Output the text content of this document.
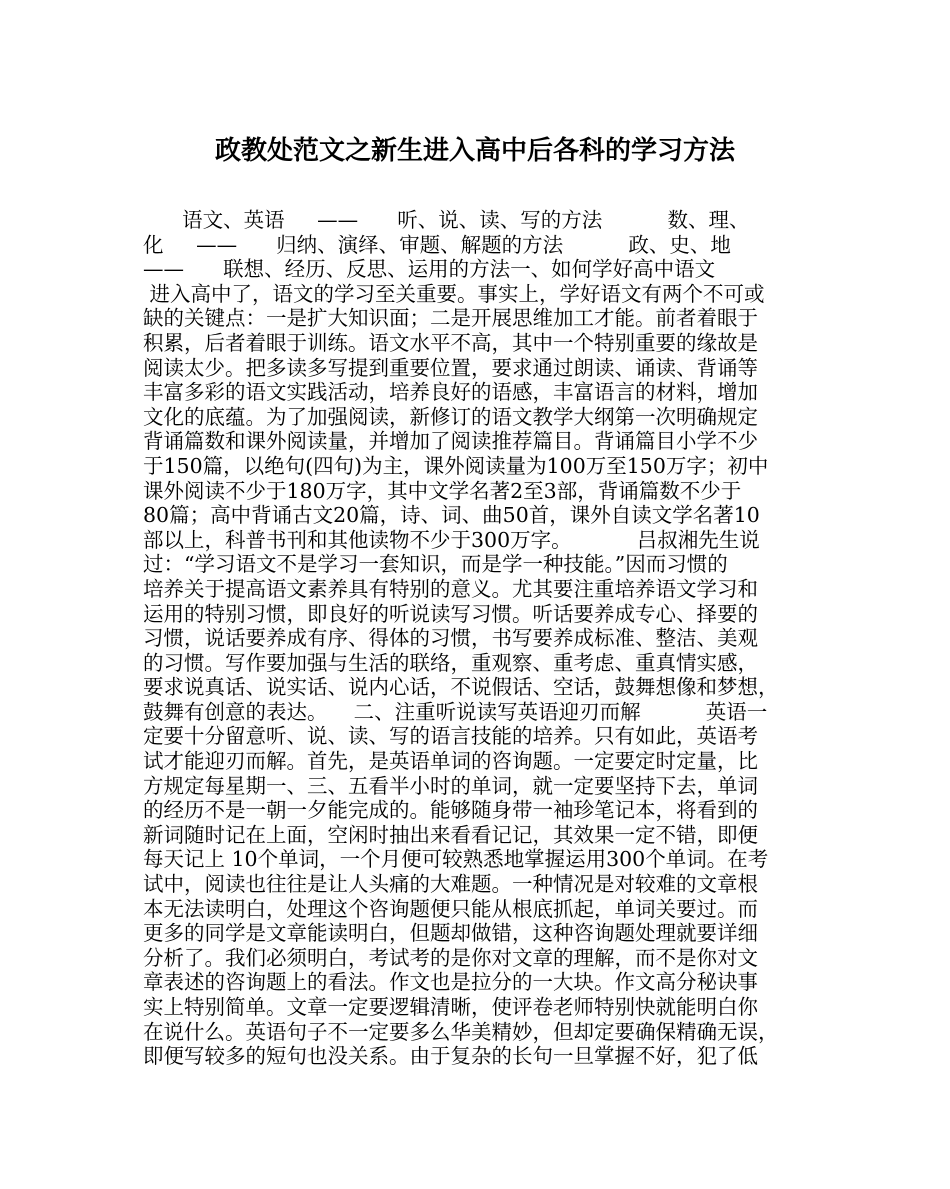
政教处范文之新生进入高中后各科的学习方法
语文、英语     ——      听、说、读、写的方法          数、理、
化     ——      归纳、演绎、审题、解题的方法          政、史、地
——      联想、经历、反思、运用的方法一、如何学好高中语文
进入高中了，语文的学习至关重要。事实上，学好语文有两个不可或
缺的关键点：一是扩大知识面；二是开展思维加工才能。前者着眼于
积累，后者着眼于训练。语文水平不高，其中一个特别重要的缘故是
阅读太少。把多读多写提到重要位置，要求通过朗读、诵读、背诵等
丰富多彩的语文实践活动，培养良好的语感，丰富语言的材料，增加
文化的底蕴。为了加强阅读，新修订的语文教学大纲第一次明确规定
背诵篇数和课外阅读量，并增加了阅读推荐篇目。背诵篇目小学不少
于150篇，以绝句(四句)为主，课外阅读量为100万至150万字；初中
课外阅读不少于180万字，其中文学名著2至3部，背诵篇数不少于
80篇；高中背诵古文20篇，诗、词、曲50首，课外自读文学名著10
部以上，科普书刊和其他读物不少于300万字。          吕叔湘先生说
过：“学习语文不是学习一套知识，而是学一种技能。”因而习惯的
培养关于提高语文素养具有特别的意义。尤其要注重培养语文学习和
运用的特别习惯，即良好的听说读写习惯。听话要养成专心、择要的
习惯，说话要养成有序、得体的习惯，书写要养成标准、整洁、美观
的习惯。写作要加强与生活的联络，重观察、重考虑、重真情实感，
要求说真话、说实话、说内心话，不说假话、空话，鼓舞想像和梦想，
鼓舞有创意的表达。    二、注重听说读写英语迎刃而解          英语一
定要十分留意听、说、读、写的语言技能的培养。只有如此，英语考
试才能迎刃而解。首先，是英语单词的咨询题。一定要定时定量，比
方规定每星期一、三、五看半小时的单词，就一定要坚持下去，单词
的经历不是一朝一夕能完成的。能够随身带一袖珍笔记本，将看到的
新词随时记在上面，空闲时抽出来看看记记，其效果一定不错，即便
每天记上 10个单词，一个月便可较熟悉地掌握运用300个单词。在考
试中，阅读也往往是让人头痛的大难题。一种情况是对较难的文章根
本无法读明白，处理这个咨询题便只能从根底抓起，单词关要过。而
更多的同学是文章能读明白，但题却做错，这种咨询题处理就要详细
分析了。我们必须明白，考试考的是你对文章的理解，而不是你对文
章表述的咨询题上的看法。作文也是拉分的一大块。作文高分秘诀事
实上特别简单。文章一定要逻辑清晰，使评卷老师特别快就能明白你
在说什么。英语句子不一定要多么华美精妙，但却定要确保精确无误，
即便写较多的短句也没关系。由于复杂的长句一旦掌握不好，犯了低
